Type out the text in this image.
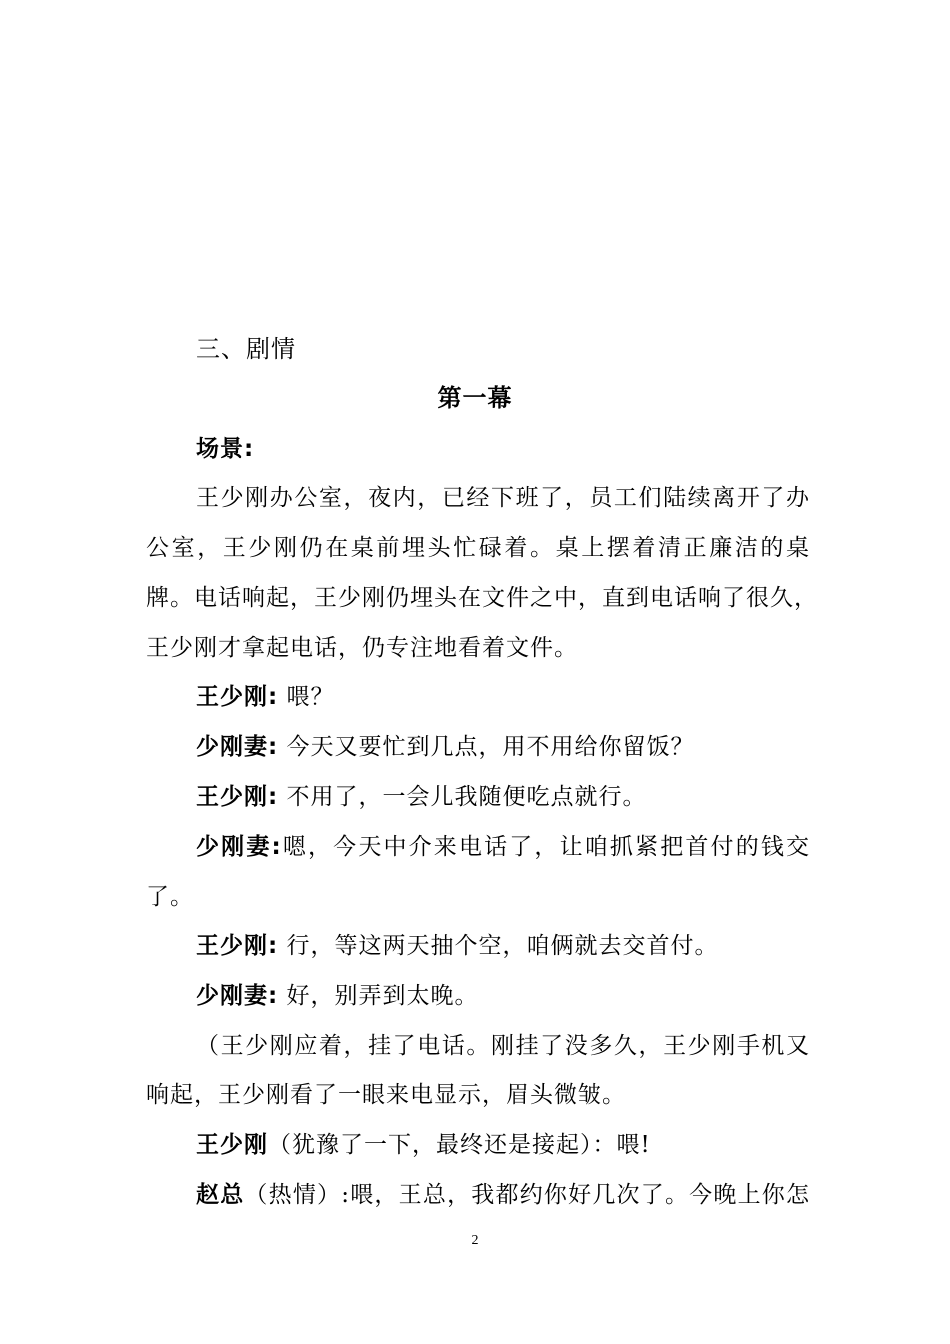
三、剧情
第一幕
场景:
王少刚办公室，夜内，已经下班了，员工们陆续离开了办
公室，王少刚仍在桌前埋头忙碌着。桌上摆着清正廉洁的桌
牌。电话响起，王少刚仍埋头在文件之中，直到电话响了很久，
王少刚才拿起电话，仍专注地看着文件。
王少刚: 喂？
少刚妻: 今天又要忙到几点，用不用给你留饭？
王少刚: 不用了，一会儿我随便吃点就行。
少刚妻:嗯，今天中介来电话了，让咱抓紧把首付的钱交
了。
王少刚: 行，等这两天抽个空，咱俩就去交首付。
少刚妻: 好，别弄到太晚。
（王少刚应着，挂了电话。刚挂了没多久，王少刚手机又
响起，王少刚看了一眼来电显示，眉头微皱。
王少刚（犹豫了一下，最终还是接起）：喂!
赵总（热情）:喂，王总，我都约你好几次了。今晚上你怎
2
